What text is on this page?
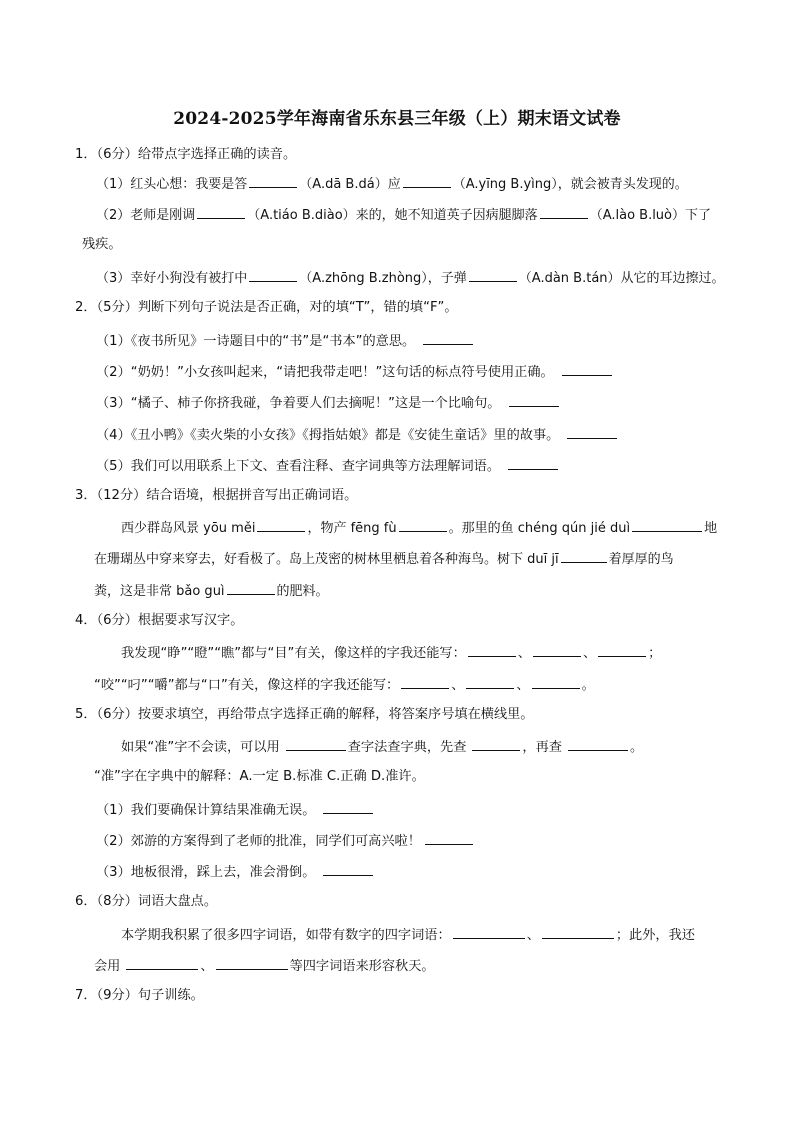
2024-2025学年海南省乐东县三年级（上）期末语文试卷
1．（6分）给带点字选择正确的读音。
（1）红头心想：我要是答	（A.dā B.dá）应	（A.yīng B.yìng），就会被青头发现的。
（2）老师是刚调	（A.tiáo B.diào）来的，她不知道英子因病腿脚落	（A.lào B.luò）下了
残疾。
（3）幸好小狗没有被打中	（A.zhōng B.zhòng），子弹	（A.dàn B.tán）从它的耳边擦过。
2．（5分）判断下列句子说法是否正确，对的填“T”，错的填“F”。
（1）《夜书所见》一诗题目中的“书”是“书本”的意思。
（2）“奶奶！”小女孩叫起来，“请把我带走吧！”这句话的标点符号使用正确。
（3）“橘子、柿子你挤我碰，争着要人们去摘呢！”这是一个比喻句。
（4）《丑小鸭》《卖火柴的小女孩》《拇指姑娘》都是《安徒生童话》里的故事。
（5）我们可以用联系上下文、查看注释、查字词典等方法理解词语。
3．（12分）结合语境，根据拼音写出正确词语。
西少群岛风景 yōu měi	，物产 fēng fù	。那里的鱼 chéng qún jié duì	地
在珊瑚丛中穿来穿去，好看极了。岛上茂密的树林里栖息着各种海鸟。树下 duī jī	着厚厚的鸟
粪，这是非常 bǎo guì	的肥料。
4．（6分）根据要求写汉字。
我发现“睁”“瞪”“瞧”都与“目”有关，像这样的字我还能写：	、	、	；
“咬”“叼”“嚼”都与“口”有关，像这样的字我还能写：	、	、	。
5．（6分）按要求填空，再给带点字选择正确的解释，将答案序号填在横线里。
如果“准”字不会读，可以用	查字法查字典，先查	，再查	。
“准”字在字典中的解释：A.一定 B.标准 C.正确 D.准许。
（1）我们要确保计算结果准确无误。
（2）郊游的方案得到了老师的批准，同学们可高兴啦！
（3）地板很滑，踩上去，准会滑倒。
6．（8分）词语大盘点。
本学期我积累了很多四字词语，如带有数字的四字词语：	、	；此外，我还
会用	、	等四字词语来形容秋天。
7．（9分）句子训练。
